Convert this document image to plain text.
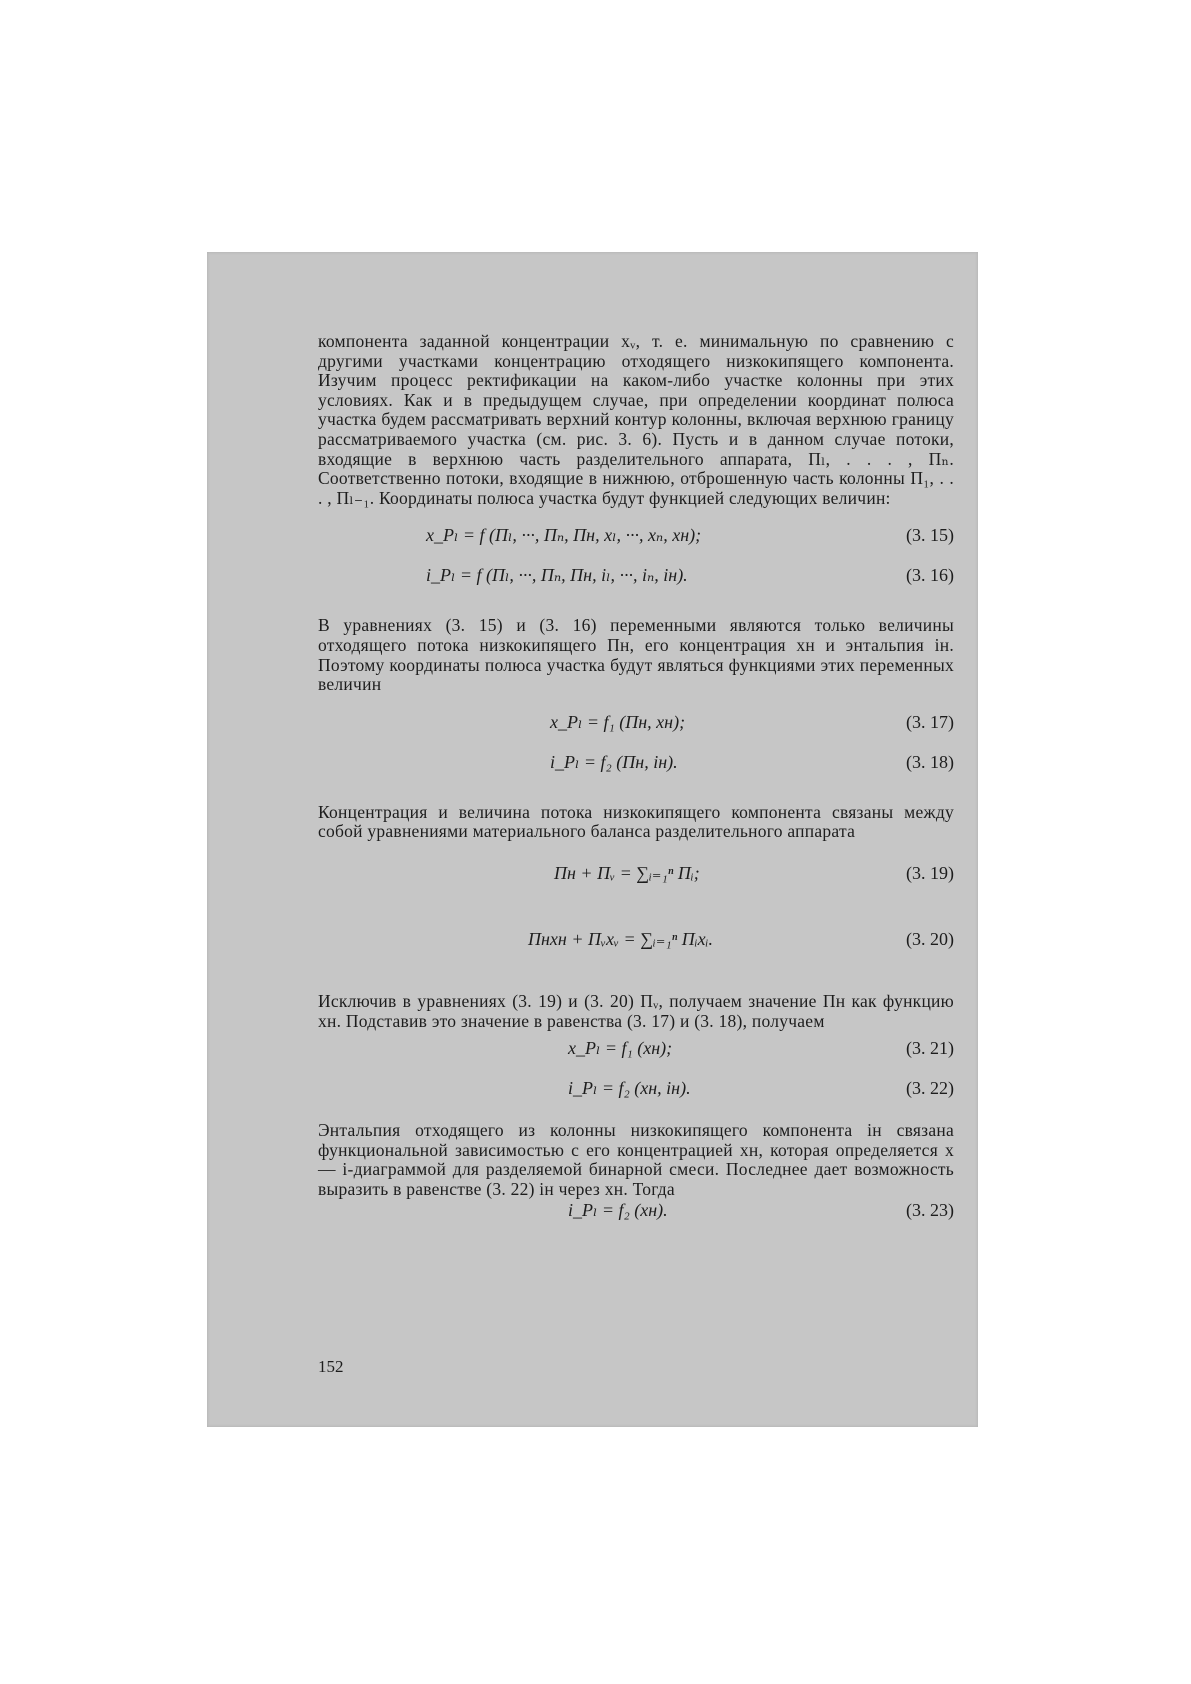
компонента заданной концентрации xᵥ, т. е. минимальную по сравнению с другими участками концентрацию отходящего низкокипящего компонента. Изучим процесс ректификации на каком-либо участке колонны при этих условиях. Как и в предыдущем случае, при определении координат полюса участка будем рассматривать верхний контур колонны, включая верхнюю границу рассматриваемого участка (см. рис. 3. 6). Пусть и в данном случае потоки, входящие в верхнюю часть разделительного аппарата, Пₗ, . . . , Пₙ. Соответственно потоки, входящие в нижнюю, отброшенную часть колонны П₁, . . . , Пₗ₋₁. Координаты полюса участка будут функцией следующих величин:

x_Pₗ = f (Пₗ, ···, Пₙ, Пн, xₗ, ···, xₙ, xн);	(3. 15)
i_Pₗ = f (Пₗ, ···, Пₙ, Пн, iₗ, ···, iₙ, iн).	(3. 16)

В уравнениях (3. 15) и (3. 16) переменными являются только величины отходящего потока низкокипящего Пн, его концентрация xн и энтальпия iн. Поэтому координаты полюса участка будут являться функциями этих переменных величин

x_Pₗ = f₁ (Пн, xн);	(3. 17)
i_Pₗ = f₂ (Пн, iн).	(3. 18)

Концентрация и величина потока низкокипящего компонента связаны между собой уравнениями материального баланса разделительного аппарата

Пн + Пᵥ = ∑ᵢ₌₁ⁿ Пᵢ;	(3. 19)
Пнxн + Пᵥxᵥ = ∑ᵢ₌₁ⁿ Пᵢxᵢ.	(3. 20)

Исключив в уравнениях (3. 19) и (3. 20) Пᵥ, получаем значение Пн как функцию xн. Подставив это значение в равенства (3. 17) и (3. 18), получаем

x_Pₗ = f₁ (xн);	(3. 21)
i_Pₗ = f₂ (xн, iн).	(3. 22)

Энтальпия отходящего из колонны низкокипящего компонента iн связана функциональной зависимостью с его концентрацией xн, которая определяется x — i-диаграммой для разделяемой бинарной смеси. Последнее дает возможность выразить в равенстве (3. 22) iн через xн. Тогда

i_Pₗ = f₂ (xн).	(3. 23)
152
